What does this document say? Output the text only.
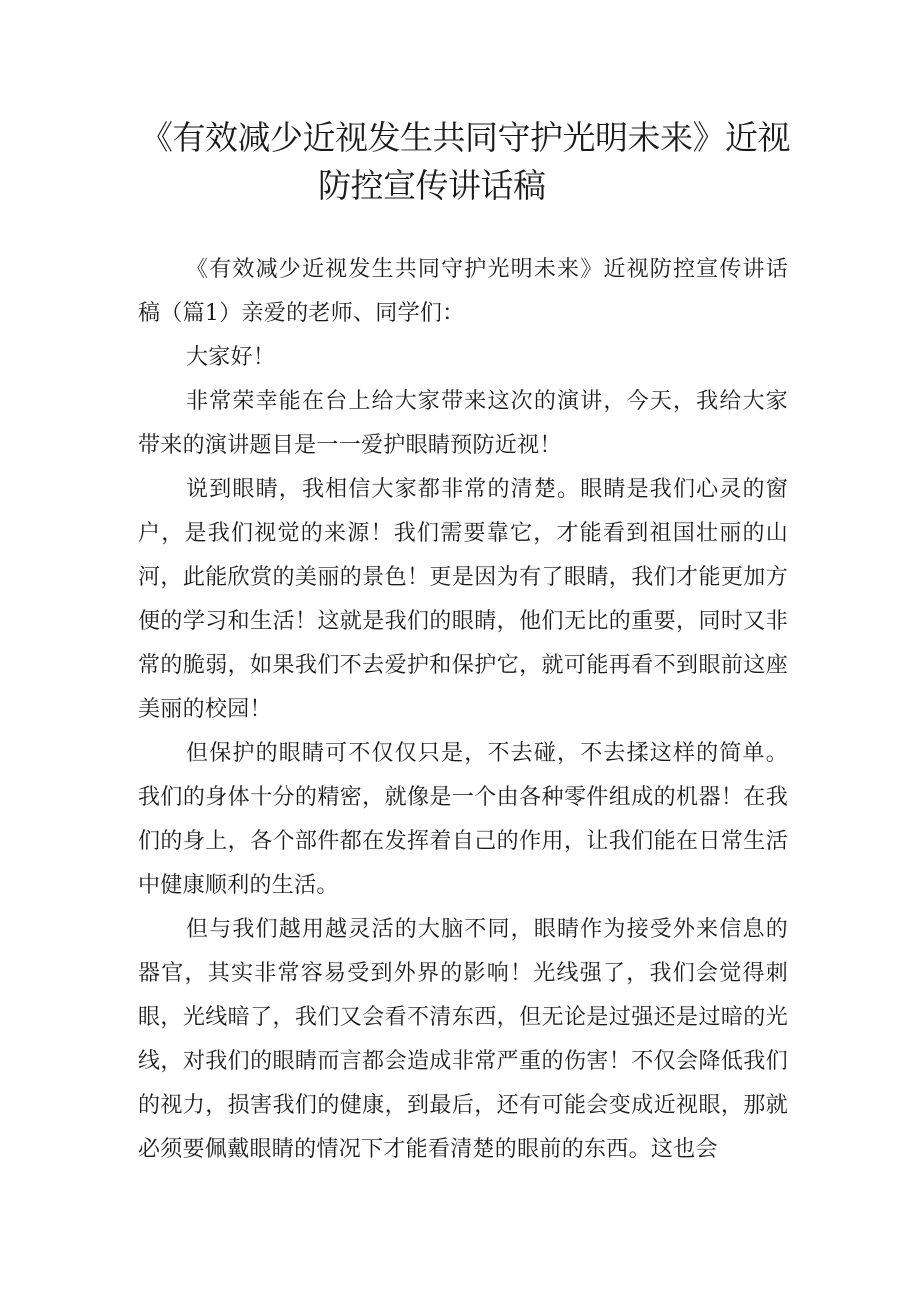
《有效减少近视发生共同守护光明未来》近视
防控宣传讲话稿

《有效减少近视发生共同守护光明未来》近视防控宣传讲话稿（篇1）亲爱的老师、同学们：

大家好！

非常荣幸能在台上给大家带来这次的演讲，今天，我给大家带来的演讲题目是一一爱护眼睛预防近视！

说到眼睛，我相信大家都非常的清楚。眼睛是我们心灵的窗户，是我们视觉的来源！我们需要靠它，才能看到祖国壮丽的山河，此能欣赏的美丽的景色！更是因为有了眼睛，我们才能更加方便的学习和生活！这就是我们的眼睛，他们无比的重要，同时又非常的脆弱，如果我们不去爱护和保护它，就可能再看不到眼前这座美丽的校园！

但保护的眼睛可不仅仅只是，不去碰，不去揉这样的简单。我们的身体十分的精密，就像是一个由各种零件组成的机器！在我们的身上，各个部件都在发挥着自己的作用，让我们能在日常生活中健康顺利的生活。

但与我们越用越灵活的大脑不同，眼睛作为接受外来信息的器官，其实非常容易受到外界的影响！光线强了，我们会觉得刺眼，光线暗了，我们又会看不清东西，但无论是过强还是过暗的光线，对我们的眼睛而言都会造成非常严重的伤害！不仅会降低我们的视力，损害我们的健康，到最后，还有可能会变成近视眼，那就必须要佩戴眼睛的情况下才能看清楚的眼前的东西。这也会
